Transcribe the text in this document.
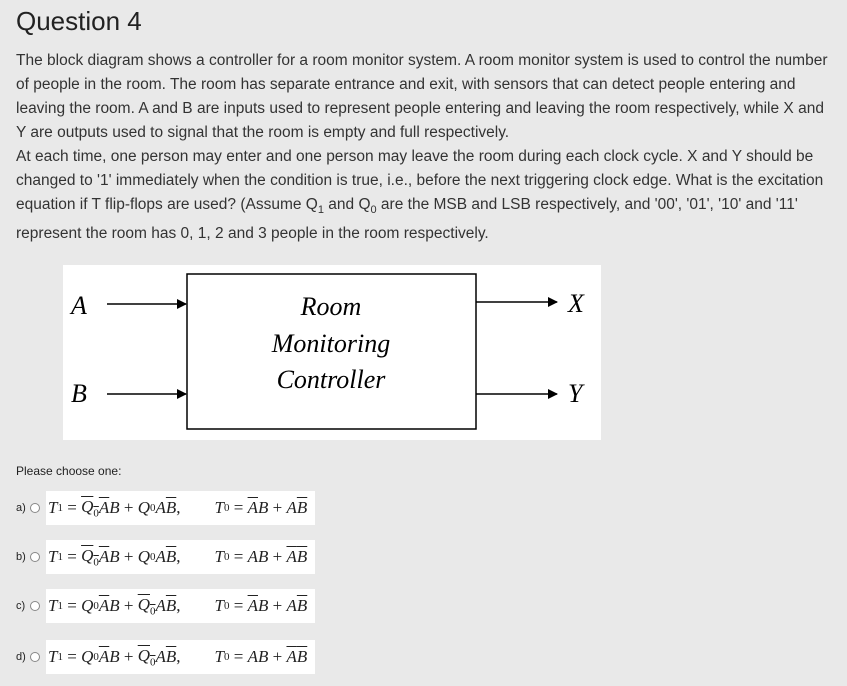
Question 4

The block diagram shows a controller for a room monitor system. A room monitor system is used to control the number of people in the room. The room has separate entrance and exit, with sensors that can detect people entering and leaving the room. A and B are inputs used to represent people entering and leaving the room respectively, while X and Y are outputs used to signal that the room is empty and full respectively.

At each time, one person may enter and one person may leave the room during each clock cycle. X and Y should be changed to '1' immediately when the condition is true, i.e., before the next triggering clock edge. What is the excitation equation if T flip-flops are used? (Assume $Q_1$ and $Q_0$ are the MSB and LSB respectively, and '00', '01', '10' and '11' represent the room has 0, 1, 2 and 3 people in the room respectively.

A
B
X
Y
Room
Monitoring
Controller
Please choose one:
a) T $1 = Q_0$ $\overline{A}$ B + Q 0 A $\overline{B}$ , T $0 = \overline{A}$ B + A $\overline{B}$
b) T $1 = Q_0$ $\overline{A}$ B + Q 0 A $\overline{B}$ , T 0 = AB + $\overline{A}$ $\overline{B}$
c) T 1 = Q 0 $\overline{A}$ $B + Q_0$ A $\overline{B}$ , T $0 = \overline{A}$ B + A $\overline{B}$
d) T 1 = Q 0 $\overline{A}$ $B + Q_0$ A $\overline{B}$ , T 0 = AB + $\overline{A}$ $\overline{B}$
